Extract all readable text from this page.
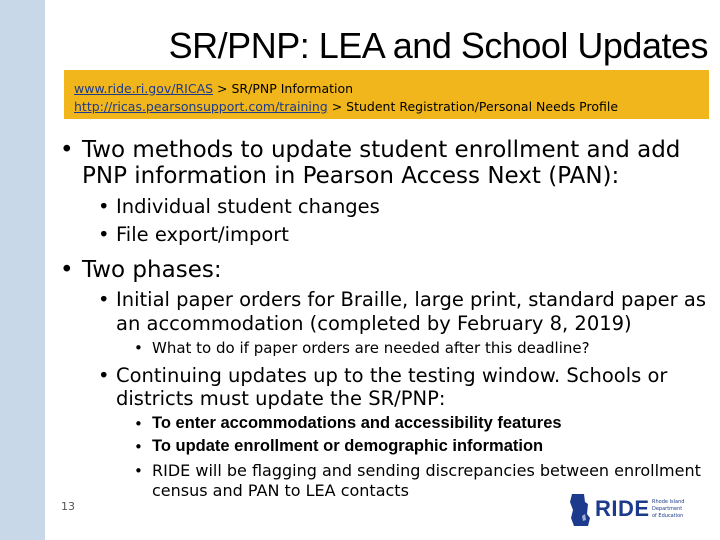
SR/PNP: LEA and School Updates
www.ride.ri.gov/RICAS > SR/PNP Information
http://ricas.pearsonsupport.com/training > Student Registration/Personal Needs Profile
• Two methods to update student enrollment and add
PNP information in Pearson Access Next (PAN):
• Individual student changes
• File export/import
• Two phases:
• Initial paper orders for Braille, large print, standard paper as
an accommodation (completed by February 8, 2019)
• What to do if paper orders are needed after this deadline?
• Continuing updates up to the testing window. Schools or
districts must update the SR/PNP:
• To enter accommodations and accessibility features
• To update enrollment or demographic information
• RIDE will be flagging and sending discrepancies between enrollment
census and PAN to LEA contacts
13	RIDE Rhode Island
Department
of Education
